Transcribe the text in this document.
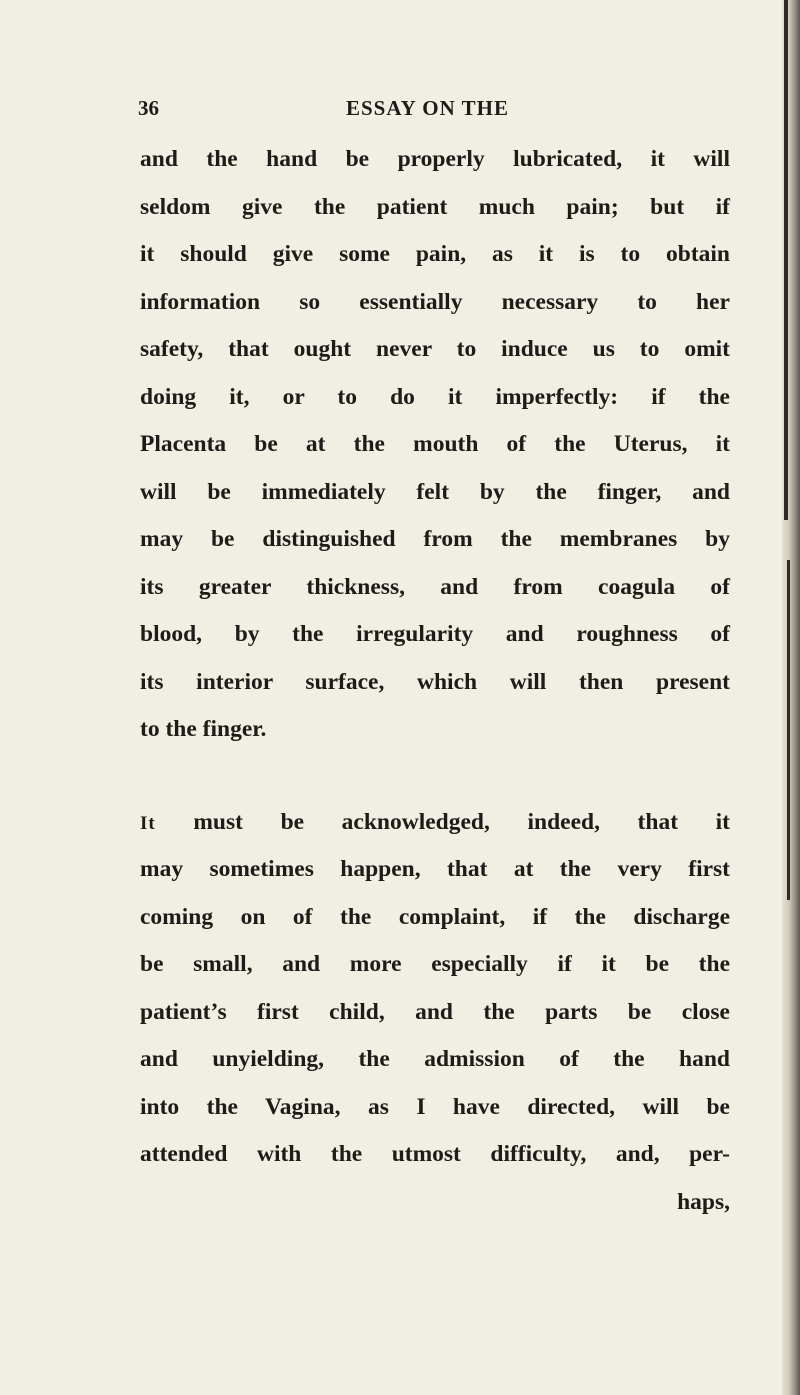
36	ESSAY ON THE
and the hand be properly lubricated, it will
seldom give the patient much pain; but if
it should give some pain, as it is to obtain
information so essentially necessary to her
safety, that ought never to induce us to omit
doing it, or to do it imperfectly: if the
Placenta be at the mouth of the Uterus, it
will be immediately felt by the finger, and
may be distinguished from the membranes by
its greater thickness, and from coagula of
blood, by the irregularity and roughness of
its interior surface, which will then present
to the finger.
It must be acknowledged, indeed, that it
may sometimes happen, that at the very first
coming on of the complaint, if the discharge
be small, and more especially if it be the
patient’s first child, and the parts be close
and unyielding, the admission of the hand
into the Vagina, as I have directed, will be
attended with the utmost difficulty, and, per-
haps,
